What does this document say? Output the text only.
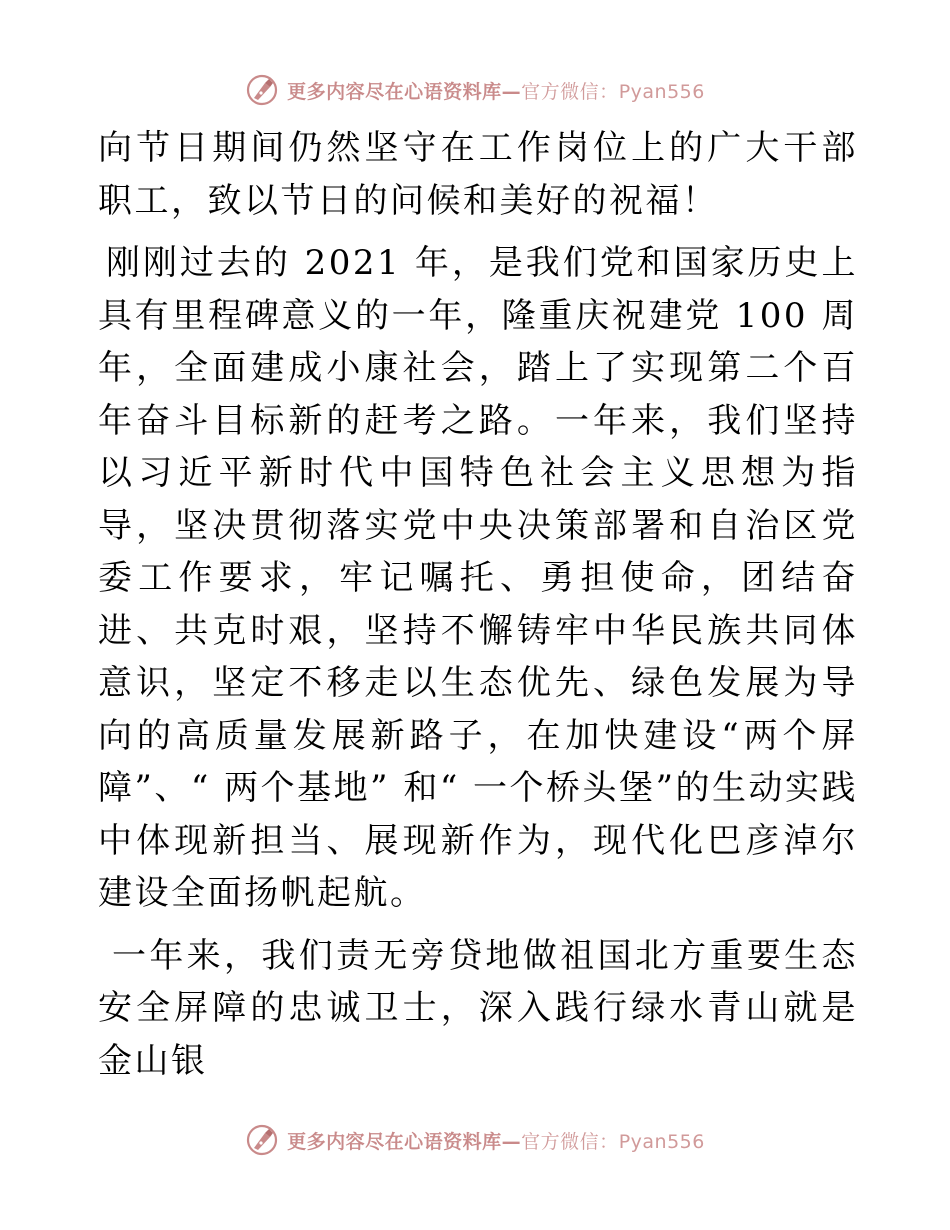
更多内容尽在心语资料库—官方微信：Pyan556

向节日期间仍然坚守在工作岗位上的广大干部职工，致以节日的问候和美好的祝福！

刚刚过去的 2021 年，是我们党和国家历史上具有里程碑意义的一年，隆重庆祝建党 100 周年，全面建成小康社会，踏上了实现第二个百年奋斗目标新的赶考之路。一年来，我们坚持以习近平新时代中国特色社会主义思想为指导，坚决贯彻落实党中央决策部署和自治区党委工作要求，牢记嘱托、勇担使命，团结奋进、共克时艰，坚持不懈铸牢中华民族共同体意识，坚定不移走以生态优先、绿色发展为导向的高质量发展新路子，在加快建设“两个屏障”、“ 两个基地” 和“ 一个桥头堡”的生动实践中体现新担当、展现新作为，现代化巴彦淖尔建设全面扬帆起航。

一年来，我们责无旁贷地做祖国北方重要生态安全屏障的忠诚卫士，深入践行绿水青山就是金山银

更多内容尽在心语资料库—官方微信：Pyan556
